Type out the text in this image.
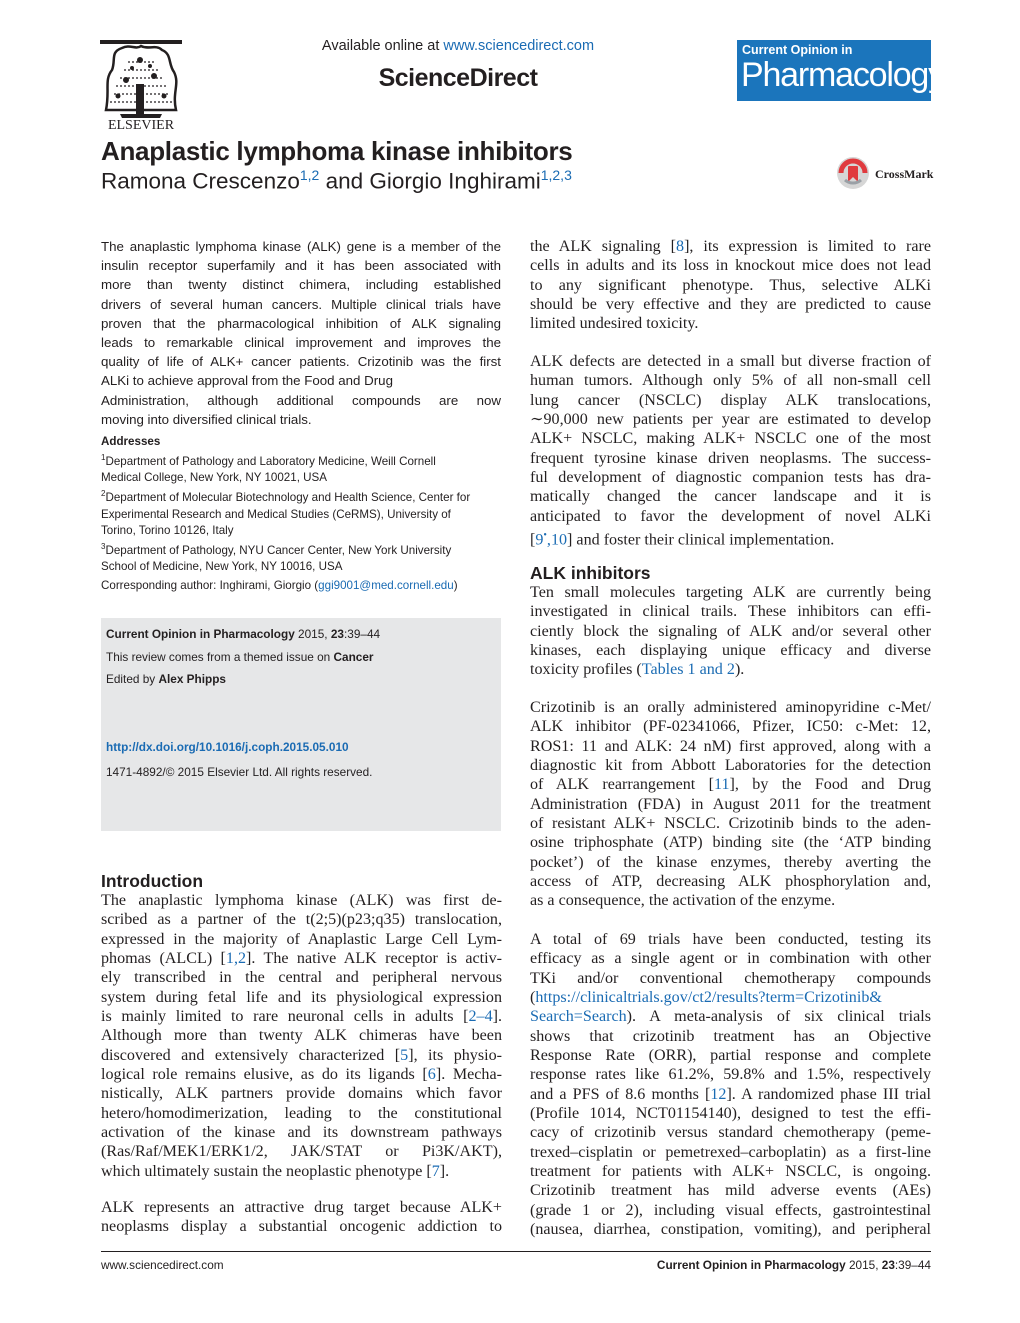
ELSEVIER
Available online at www.sciencedirect.com
ScienceDirect
Current Opinion in
Pharmacology
Anaplastic lymphoma kinase inhibitors
Ramona Crescenzo$^{1,2}$ and Giorgio Inghirami$^{1,2,3}$	CrossMark
The anaplastic lymphoma kinase (ALK) gene is a member of the
insulin receptor superfamily and it has been associated with
more than twenty distinct chimera, including established
drivers of several human cancers. Multiple clinical trials have
proven that the pharmacological inhibition of ALK signaling
leads to remarkable clinical improvement and improves the
quality of life of ALK+ cancer patients. Crizotinib was the first
ALKi to achieve approval from the Food and Drug
Administration, although additional compounds are now
moving into diversified clinical trials.
Addresses
$^1$Department of Pathology and Laboratory Medicine, Weill Cornell
Medical College, New York, NY 10021, USA
$^2$Department of Molecular Biotechnology and Health Science, Center for
Experimental Research and Medical Studies (CeRMS), University of
Torino, Torino 10126, Italy
$^3$Department of Pathology, NYU Cancer Center, New York University
School of Medicine, New York, NY 10016, USA
Corresponding author: Inghirami, Giorgio (ggi9001@med.cornell.edu)
Current Opinion in Pharmacology 2015, 23:39–44
This review comes from a themed issue on Cancer
Edited by Alex Phipps
http://dx.doi.org/10.1016/j.coph.2015.05.010
1471-4892/© 2015 Elsevier Ltd. All rights reserved.
Introduction
The anaplastic lymphoma kinase (ALK) was first de-
scribed as a partner of the t(2;5)(p23;q35) translocation,
expressed in the majority of Anaplastic Large Cell Lym-
phomas (ALCL) [1,2]. The native ALK receptor is activ-
ely transcribed in the central and peripheral nervous
system during fetal life and its physiological expression
is mainly limited to rare neuronal cells in adults [2–4].
Although more than twenty ALK chimeras have been
discovered and extensively characterized [5], its physio-
logical role remains elusive, as do its ligands [6]. Mecha-
nistically, ALK partners provide domains which favor
hetero/homodimerization, leading to the constitutional
activation of the kinase and its downstream pathways
(Ras/Raf/MEK1/ERK1/2, JAK/STAT or Pi3K/AKT),
which ultimately sustain the neoplastic phenotype [7].
ALK represents an attractive drug target because ALK+
neoplasms display a substantial oncogenic addiction to
the ALK signaling [8], its expression is limited to rare
cells in adults and its loss in knockout mice does not lead
to any significant phenotype. Thus, selective ALKi
should be very effective and they are predicted to cause
limited undesired toxicity.
ALK defects are detected in a small but diverse fraction of
human tumors. Although only 5% of all non-small cell
lung cancer (NSCLC) display ALK translocations,
∼90,000 new patients per year are estimated to develop
ALK+ NSCLC, making ALK+ NSCLC one of the most
frequent tyrosine kinase driven neoplasms. The success-
ful development of diagnostic companion tests has dra-
matically changed the cancer landscape and it is
anticipated to favor the development of novel ALKi
[9•,10] and foster their clinical implementation.
ALK inhibitors
Ten small molecules targeting ALK are currently being
investigated in clinical trails. These inhibitors can effi-
ciently block the signaling of ALK and/or several other
kinases, each displaying unique efficacy and diverse
toxicity profiles (Tables 1 and 2).
Crizotinib is an orally administered aminopyridine c-Met/
ALK inhibitor (PF-02341066, Pfizer, IC50: c-Met: 12,
ROS1: 11 and ALK: 24 nM) first approved, along with a
diagnostic kit from Abbott Laboratories for the detection
of ALK rearrangement [11], by the Food and Drug
Administration (FDA) in August 2011 for the treatment
of resistant ALK+ NSCLC. Crizotinib binds to the aden-
osine triphosphate (ATP) binding site (the ‘ATP binding
pocket’) of the kinase enzymes, thereby averting the
access of ATP, decreasing ALK phosphorylation and,
as a consequence, the activation of the enzyme.
A total of 69 trials have been conducted, testing its
efficacy as a single agent or in combination with other
TKi and/or conventional chemotherapy compounds
(https://clinicaltrials.gov/ct2/results?term=Crizotinib&
Search=Search). A meta-analysis of six clinical trials
shows that crizotinib treatment has an Objective
Response Rate (ORR), partial response and complete
response rates like 61.2%, 59.8% and 1.5%, respectively
and a PFS of 8.6 months [12]. A randomized phase III trial
(Profile 1014, NCT01154140), designed to test the effi-
cacy of crizotinib versus standard chemotherapy (peme-
trexed–cisplatin or pemetrexed–carboplatin) as a first-line
treatment for patients with ALK+ NSCLC, is ongoing.
Crizotinib treatment has mild adverse events (AEs)
(grade 1 or 2), including visual effects, gastrointestinal
(nausea, diarrhea, constipation, vomiting), and peripheral
www.sciencedirect.com	Current Opinion in Pharmacology 2015, 23:39–44
